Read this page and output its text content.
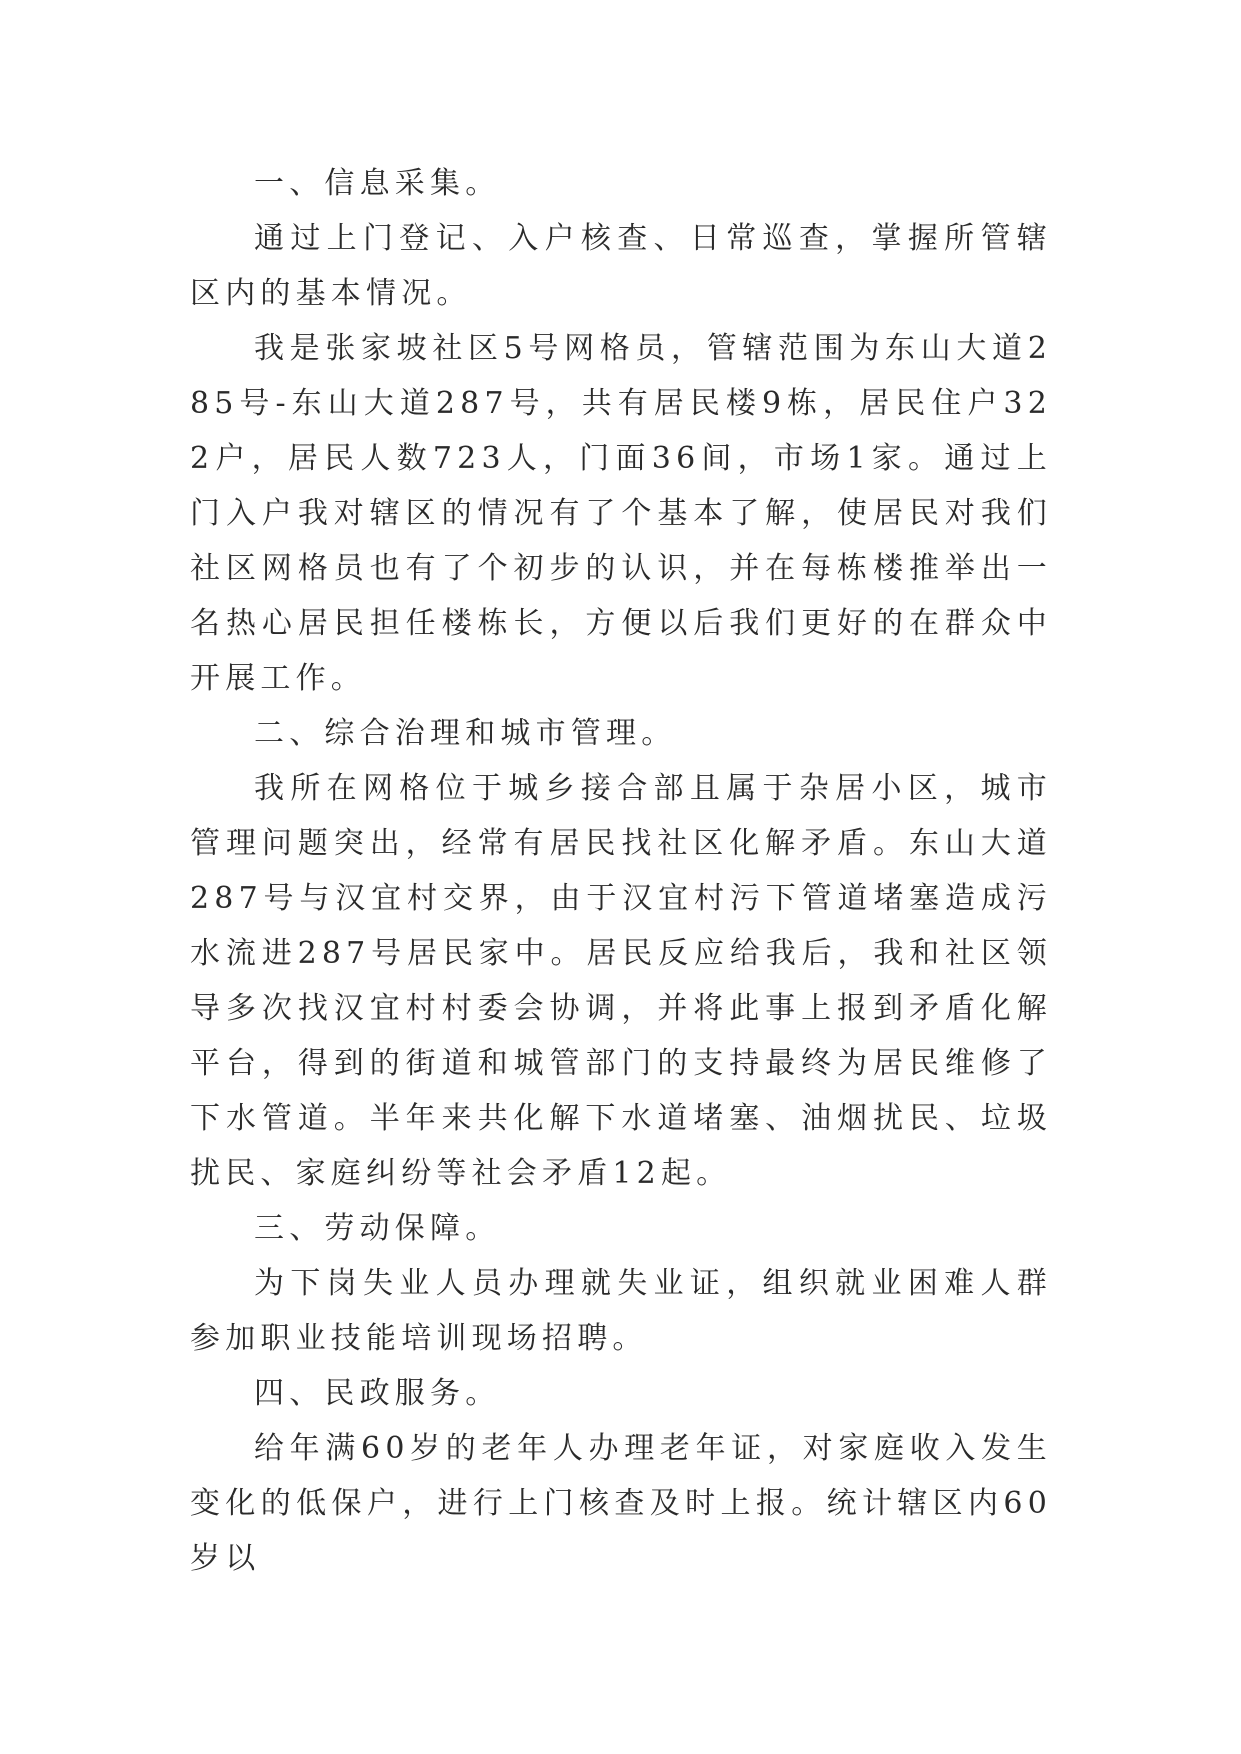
一、信息采集。

通过上门登记、入户核查、日常巡查，掌握所管辖区内的基本情况。

我是张家坡社区5号网格员，管辖范围为东山大道285号-东山大道287号，共有居民楼9栋，居民住户322户，居民人数723人，门面36间，市场1家。通过上门入户我对辖区的情况有了个基本了解，使居民对我们社区网格员也有了个初步的认识，并在每栋楼推举出一名热心居民担任楼栋长，方便以后我们更好的在群众中开展工作。

二、综合治理和城市管理。

我所在网格位于城乡接合部且属于杂居小区，城市管理问题突出，经常有居民找社区化解矛盾。东山大道287号与汉宜村交界，由于汉宜村污下管道堵塞造成污水流进287号居民家中。居民反应给我后，我和社区领导多次找汉宜村村委会协调，并将此事上报到矛盾化解平台，得到的街道和城管部门的支持最终为居民维修了下水管道。半年来共化解下水道堵塞、油烟扰民、垃圾扰民、家庭纠纷等社会矛盾12起。

三、劳动保障。

为下岗失业人员办理就失业证，组织就业困难人群参加职业技能培训现场招聘。

四、民政服务。

给年满60岁的老年人办理老年证，对家庭收入发生变化的低保户，进行上门核查及时上报。统计辖区内60岁以
